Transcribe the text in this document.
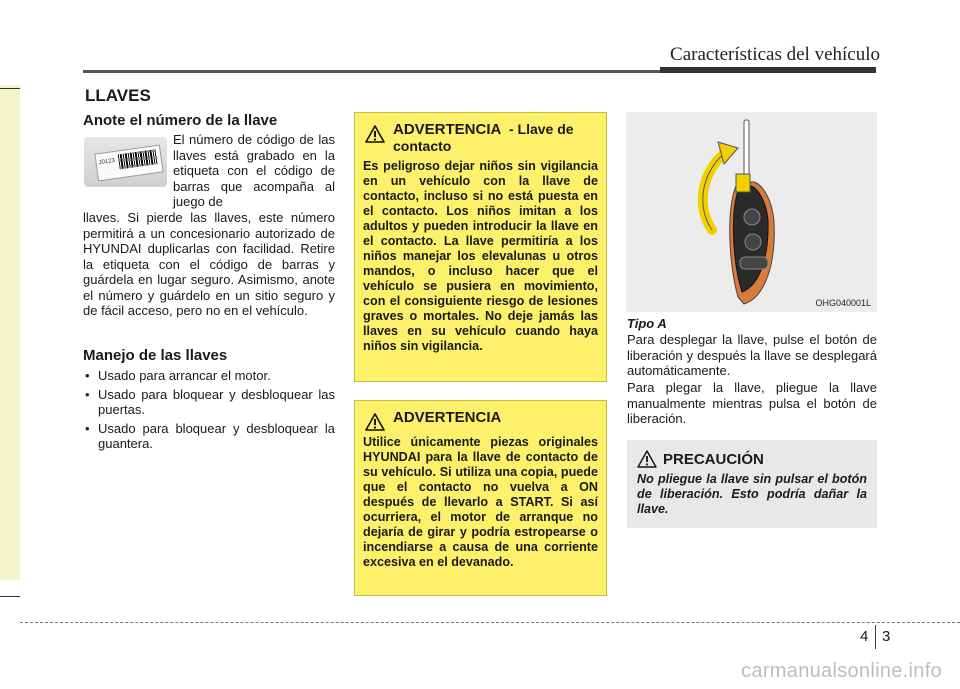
Características del vehículo
LLAVES
Anote el número de la llave
J0123
El número de código de las llaves está grabado en la etiqueta con el código de barras que acompaña al juego de
llaves. Si pierde las llaves, este número permitirá a un concesionario autorizado de HYUNDAI duplicarlas con facilidad. Retire la etiqueta con el código de barras y guárdela en lugar seguro. Asimismo, anote el número y guárdelo en un sitio seguro y de fácil acceso, pero no en el vehículo.
Manejo de las llaves
• Usado para arrancar el motor.
• Usado para bloquear y desbloquear las puertas.
• Usado para bloquear y desbloquear la guantera.
ADVERTENCIA - Llave de contacto
Es peligroso dejar niños sin vigilancia en un vehículo con la llave de contacto, incluso si no está puesta en el contacto. Los niños imitan a los adultos y pueden introducir la llave en el contacto. La llave permitiría a los niños manejar los elevalunas u otros mandos, o incluso hacer que el vehículo se pusiera en movimiento, con el consiguiente riesgo de lesiones graves o mortales. No deje jamás las llaves en su vehículo cuando haya niños sin vigilancia.
ADVERTENCIA
Utilice únicamente piezas originales HYUNDAI para la llave de contacto de su vehículo. Si utiliza una copia, puede que el contacto no vuelva a ON después de llevarlo a START. Si así ocurriera, el motor de arranque no dejaría de girar y podría estropearse o incendiarse a causa de una corriente excesiva en el devanado.
OHG040001L
Tipo A
Para desplegar la llave, pulse el botón de liberación y después la llave se desplegará automáticamente.
Para plegar la llave, pliegue la llave manualmente mientras pulsa el botón de liberación.
PRECAUCIÓN
No pliegue la llave sin pulsar el botón de liberación. Esto podría dañar la llave.
4 3
carmanualsonline.info
